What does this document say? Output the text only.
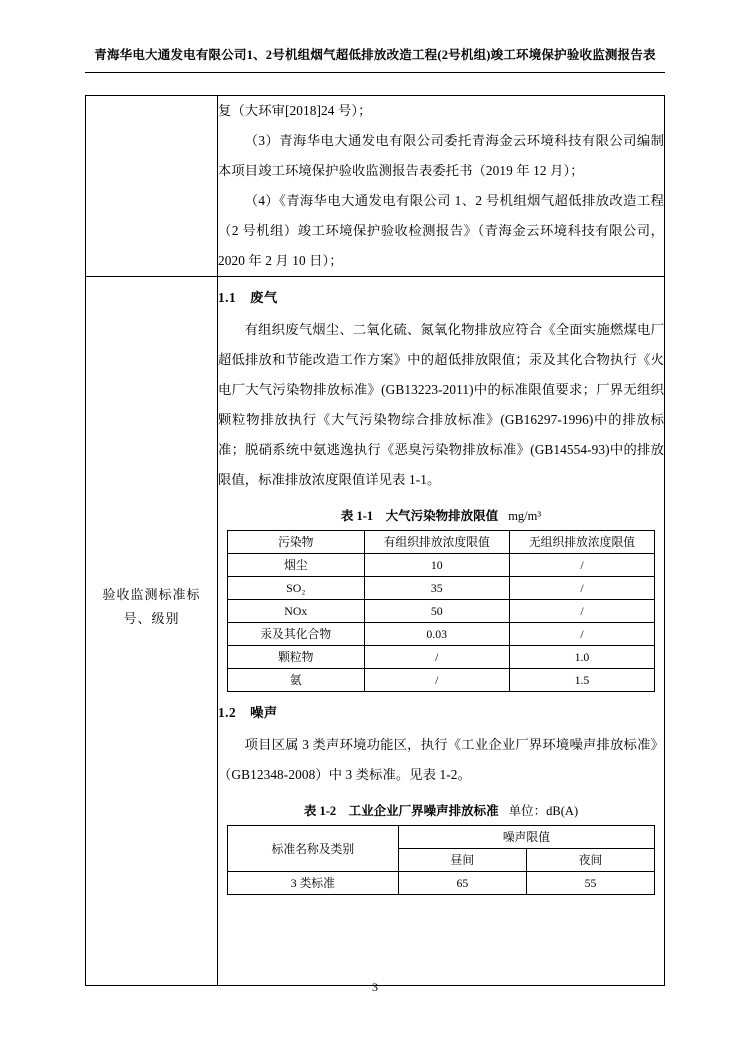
青海华电大通发电有限公司1、2号机组烟气超低排放改造工程(2号机组)竣工环境保护验收监测报告表

复（大环审[2018]24 号）；
（3）青海华电大通发电有限公司委托青海金云环境科技有限公司编制本项目竣工环境保护验收监测报告表委托书（2019 年 12 月）；
（4）《青海华电大通发电有限公司 1、2 号机组烟气超低排放改造工程（2 号机组）竣工环境保护验收检测报告》（青海金云环境科技有限公司，2020 年 2 月 10 日）；

验收监测标准标号、级别

1.1 废气
有组织废气烟尘、二氧化硫、氮氧化物排放应符合《全面实施燃煤电厂超低排放和节能改造工作方案》中的超低排放限值；汞及其化合物执行《火电厂大气污染物排放标准》(GB13223-2011)中的标准限值要求；厂界无组织颗粒物排放执行《大气污染物综合排放标准》(GB16297-1996)中的排放标准；脱硝系统中氨逃逸执行《恶臭污染物排放标准》(GB14554-93)中的排放限值，标准排放浓度限值详见表 1-1。
表 1-1　大气污染物排放限值 mg/m³
污染物	有组织排放浓度限值	无组织排放浓度限值
烟尘	10	/
SO₂	35	/
NOx	50	/
汞及其化合物	0.03	/
颗粒物	/	1.0
氨	/	1.5
1.2 噪声
项目区属 3 类声环境功能区，执行《工业企业厂界环境噪声排放标准》（GB12348-2008）中 3 类标准。见表 1-2。
表 1-2　工业企业厂界噪声排放标准 单位：dB(A)
标准名称及类别	噪声限值
昼间	夜间
3 类标准	65	55
3
